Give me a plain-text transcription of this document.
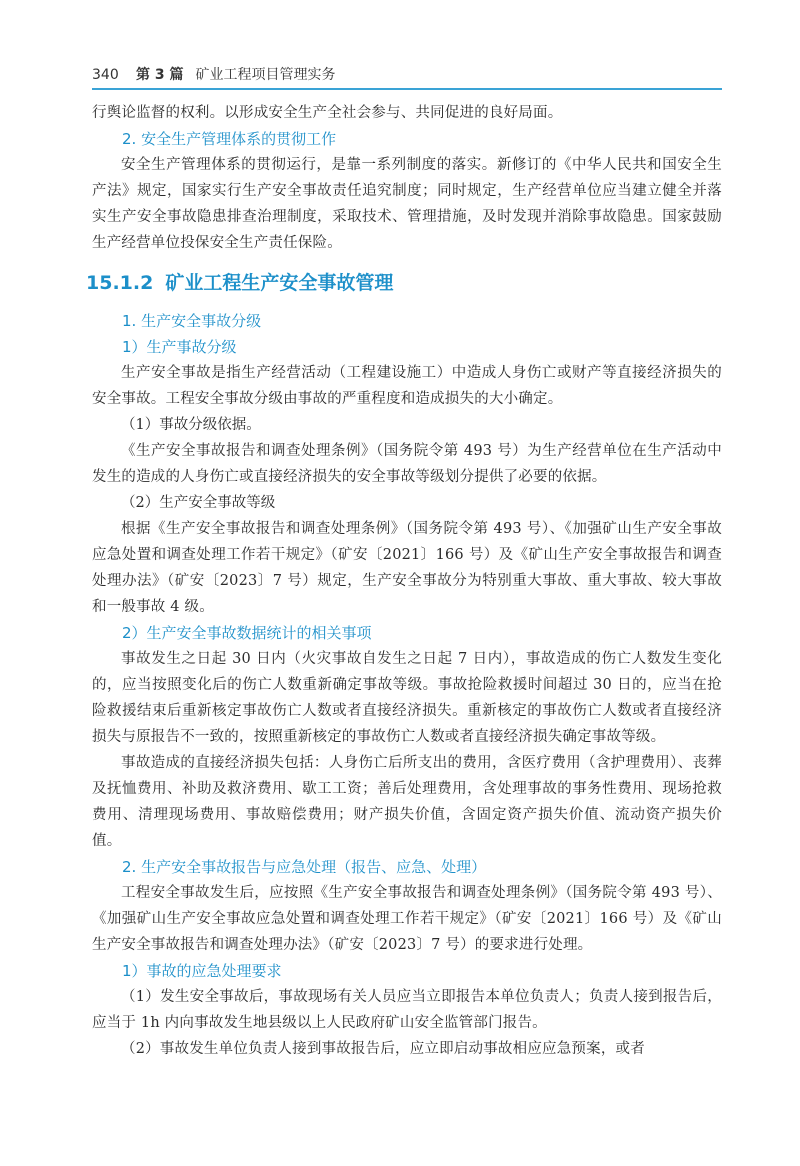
340 第 3 篇 矿业工程项目管理实务

行舆论监督的权利。以形成安全生产全社会参与、共同促进的良好局面。

2. 安全生产管理体系的贯彻工作

安全生产管理体系的贯彻运行，是靠一系列制度的落实。新修订的《中华人民共和国安全生产法》规定，国家实行生产安全事故责任追究制度；同时规定，生产经营单位应当建立健全并落实生产安全事故隐患排查治理制度，采取技术、管理措施，及时发现并消除事故隐患。国家鼓励生产经营单位投保安全生产责任保险。

15.1.2 矿业工程生产安全事故管理

1. 生产安全事故分级

1）生产事故分级

生产安全事故是指生产经营活动（工程建设施工）中造成人身伤亡或财产等直接经济损失的安全事故。工程安全事故分级由事故的严重程度和造成损失的大小确定。

（1）事故分级依据。

《生产安全事故报告和调查处理条例》（国务院令第 493 号）为生产经营单位在生产活动中发生的造成的人身伤亡或直接经济损失的安全事故等级划分提供了必要的依据。

（2）生产安全事故等级

根据《生产安全事故报告和调查处理条例》（国务院令第 493 号）、《加强矿山生产安全事故应急处置和调查处理工作若干规定》（矿安〔2021〕166 号）及《矿山生产安全事故报告和调查处理办法》（矿安〔2023〕7 号）规定，生产安全事故分为特别重大事故、重大事故、较大事故和一般事故 4 级。

2）生产安全事故数据统计的相关事项

事故发生之日起 30 日内（火灾事故自发生之日起 7 日内），事故造成的伤亡人数发生变化的，应当按照变化后的伤亡人数重新确定事故等级。事故抢险救援时间超过 30 日的，应当在抢险救援结束后重新核定事故伤亡人数或者直接经济损失。重新核定的事故伤亡人数或者直接经济损失与原报告不一致的，按照重新核定的事故伤亡人数或者直接经济损失确定事故等级。

事故造成的直接经济损失包括：人身伤亡后所支出的费用，含医疗费用（含护理费用）、丧葬及抚恤费用、补助及救济费用、歇工工资；善后处理费用，含处理事故的事务性费用、现场抢救费用、清理现场费用、事故赔偿费用；财产损失价值，含固定资产损失价值、流动资产损失价值。

2. 生产安全事故报告与应急处理（报告、应急、处理）

工程安全事故发生后，应按照《生产安全事故报告和调查处理条例》（国务院令第 493 号）、《加强矿山生产安全事故应急处置和调查处理工作若干规定》（矿安〔2021〕166 号）及《矿山生产安全事故报告和调查处理办法》（矿安〔2023〕7 号）的要求进行处理。

1）事故的应急处理要求

（1）发生安全事故后，事故现场有关人员应当立即报告本单位负责人；负责人接到报告后，应当于 1h 内向事故发生地县级以上人民政府矿山安全监管部门报告。

（2）事故发生单位负责人接到事故报告后，应立即启动事故相应应急预案，或者
